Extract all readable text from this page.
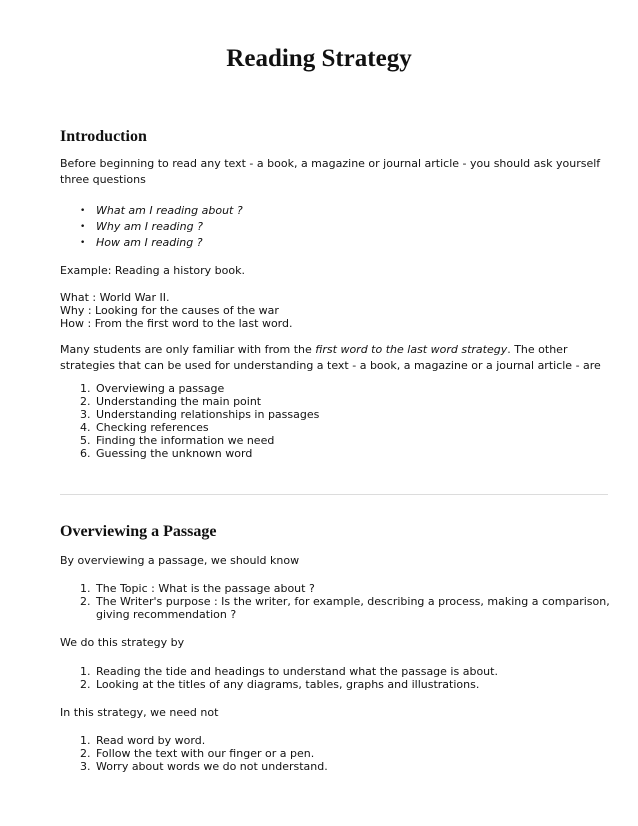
Reading Strategy
Introduction
Before beginning to read any text - a book, a magazine or journal article - you should ask yourself three questions
• What am I reading about ?
• Why am I reading ?
• How am I reading ?
Example: Reading a history book.
What : World War II.
Why : Looking for the causes of the war
How : From the first word to the last word.
Many students are only familiar with from the first word to the last word strategy. The other strategies that can be used for understanding a text - a book, a magazine or a journal article - are
1. Overviewing a passage
2. Understanding the main point
3. Understanding relationships in passages
4. Checking references
5. Finding the information we need
6. Guessing the unknown word
Overviewing a Passage
By overviewing a passage, we should know
1. The Topic : What is the passage about ?
2. The Writer's purpose : Is the writer, for example, describing a process, making a comparison, giving recommendation ?
We do this strategy by
1. Reading the tide and headings to understand what the passage is about.
2. Looking at the titles of any diagrams, tables, graphs and illustrations.
In this strategy, we need not
1. Read word by word.
2. Follow the text with our finger or a pen.
3. Worry about words we do not understand.
